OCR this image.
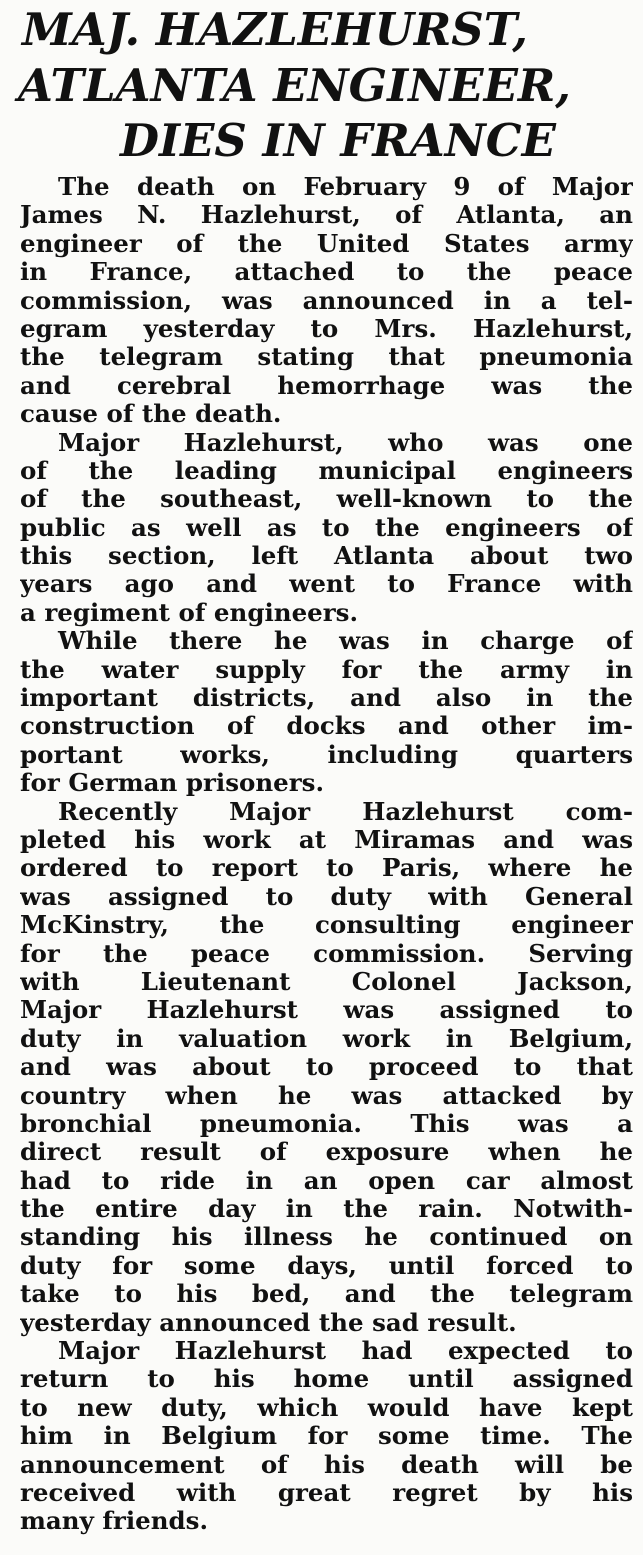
MAJ. HAZLEHURST,
ATLANTA ENGINEER,
DIES IN FRANCE
The death on February 9 of Major
James N. Hazlehurst, of Atlanta, an
engineer of the United States army
in France, attached to the peace
commission, was announced in a tel-
egram yesterday to Mrs. Hazlehurst,
the telegram stating that pneumonia
and cerebral hemorrhage was the
cause of the death.
Major Hazlehurst, who was one
of the leading municipal engineers
of the southeast, well-known to the
public as well as to the engineers of
this section, left Atlanta about two
years ago and went to France with
a regiment of engineers.
While there he was in charge of
the water supply for the army in
important districts, and also in the
construction of docks and other im-
portant works, including quarters
for German prisoners.
Recently Major Hazlehurst com-
pleted his work at Miramas and was
ordered to report to Paris, where he
was assigned to duty with General
McKinstry, the consulting engineer
for the peace commission. Serving
with Lieutenant Colonel Jackson,
Major Hazlehurst was assigned to
duty in valuation work in Belgium,
and was about to proceed to that
country when he was attacked by
bronchial pneumonia. This was a
direct result of exposure when he
had to ride in an open car almost
the entire day in the rain. Notwith-
standing his illness he continued on
duty for some days, until forced to
take to his bed, and the telegram
yesterday announced the sad result.
Major Hazlehurst had expected to
return to his home until assigned
to new duty, which would have kept
him in Belgium for some time. The
announcement of his death will be
received with great regret by his
many friends.
